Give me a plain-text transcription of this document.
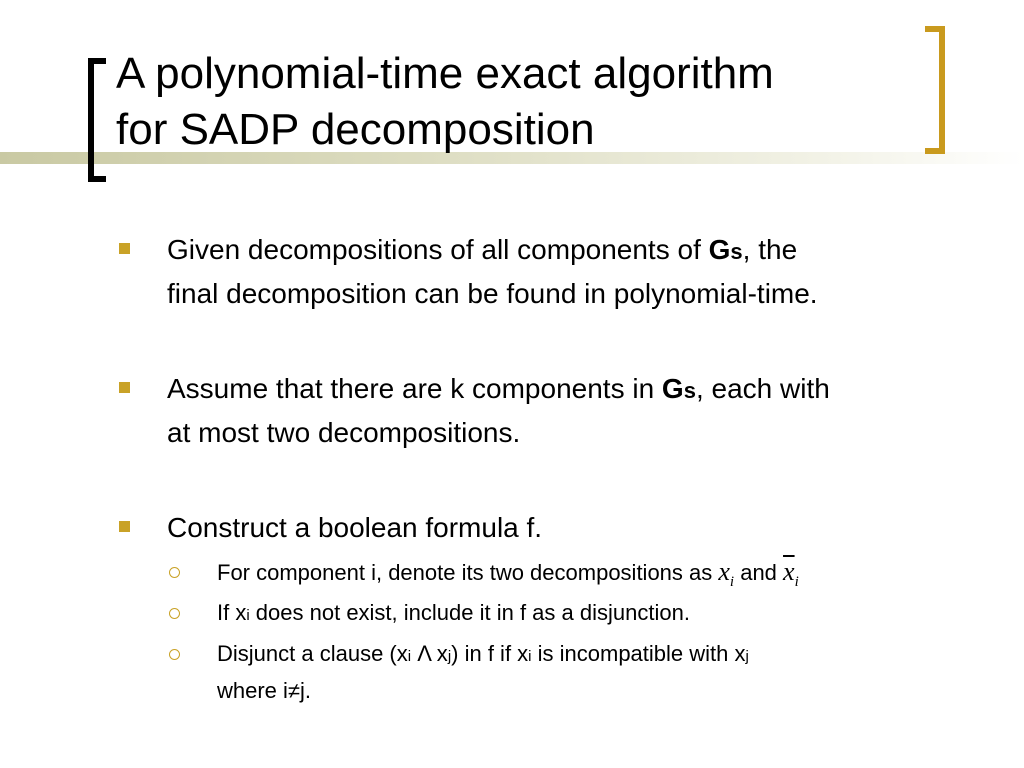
A polynomial-time exact algorithm
for SADP decomposition
Given decompositions of all components of Gs, the
final decomposition can be found in polynomial-time.
Assume that there are k components in Gs, each with
at most two decompositions.
Construct a boolean formula f.
For component i, denote its two decompositions as $x_i$ and $\overline{x}_i$
If xi does not exist, include it in f as a disjunction.
Disjunct a clause (xi Λ xj) in f if xi is incompatible with xj
where i≠j.
